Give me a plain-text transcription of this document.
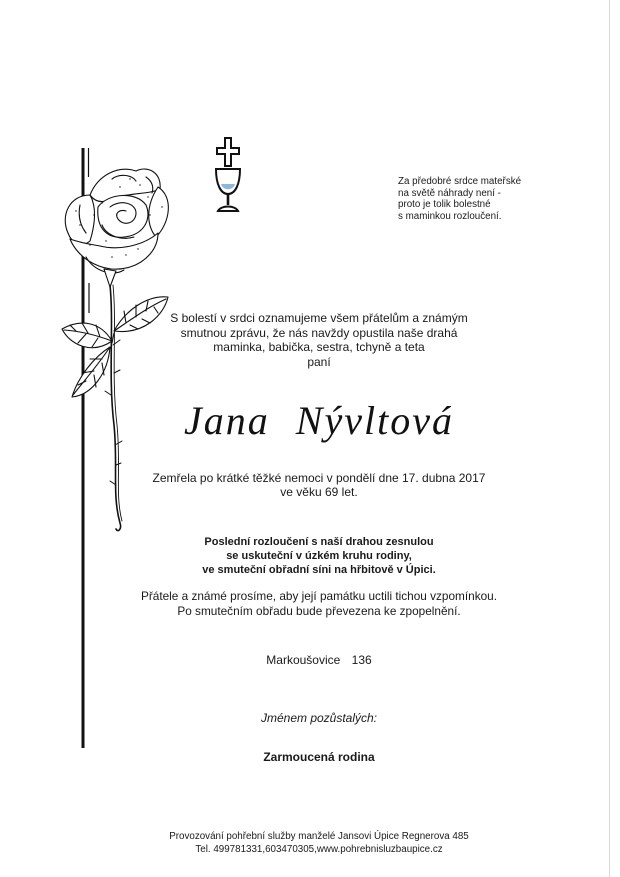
Za předobré srdce mateřské
na světě náhrady není -
proto je tolik bolestné
s maminkou rozloučení.
S bolestí v srdci oznamujeme všem přátelům a známým
smutnou zprávu, že nás navždy opustila naše drahá
maminka, babička, sestra, tchyně a teta
paní
Jana Nývltová
Zemřela po krátké těžké nemoci v pondělí dne 17. dubna 2017
ve věku 69 let.
Poslední rozloučení s naší drahou zesnulou
se uskuteční v úzkém kruhu rodiny,
ve smuteční obřadní síni na hřbitově v Úpici.
Přátele a známé prosíme, aby její památku uctili tichou vzpomínkou.
Po smutečním obřadu bude převezena ke zpopelnění.
Markoušovice 136
Jménem pozůstalých:
Zarmoucená rodina
Provozování pohřební služby manželé Jansovi Úpice Regnerova 485
Tel. 499781331,603470305,www.pohrebnisluzbaupice.cz
